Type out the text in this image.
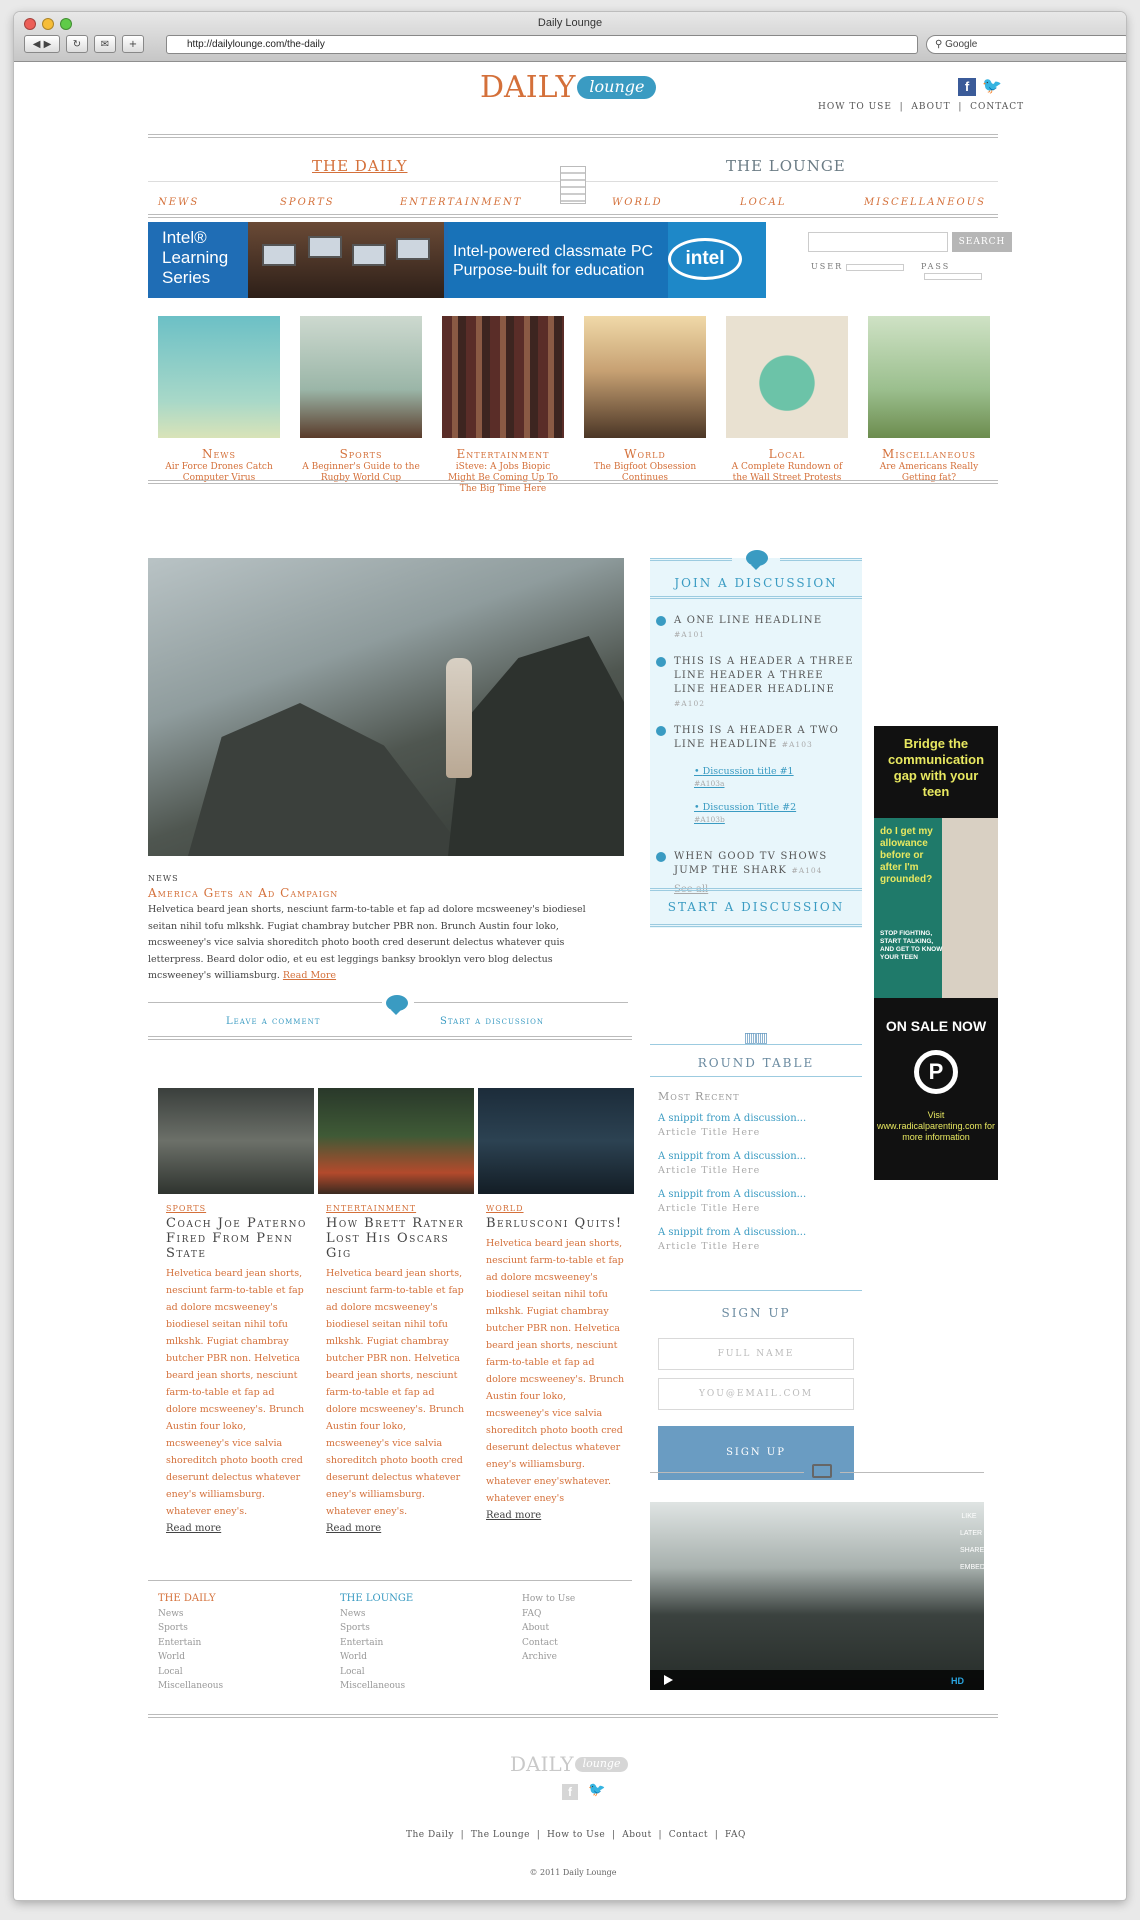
Daily Lounge
◀ ▶	↻	✉	+	http://dailylounge.com/the-daily	⚲ Google
DAILY lounge	f 🐦
HOW TO USE  |  ABOUT  |  CONTACT
THE DAILY	THE LOUNGE
NEWS	SPORTS	ENTERTAINMENT	WORLD	LOCAL	MISCELLANEOUS
Intel®
Learning
Series
Intel-powered classmate PC
Purpose-built for education
intel
SEARCH
USER	PASS
News
Air Force Drones Catch Computer Virus
Sports
A Beginner's Guide to the Rugby World Cup
Entertainment
iSteve: A Jobs Biopic Might Be Coming Up To The Big Time Here
World
The Bigfoot Obsession Continues
Local
A Complete Rundown of the Wall Street Protests
Miscellaneous
Are Americans Really Getting fat?
NEWS
America Gets an Ad Campaign
Helvetica beard jean shorts, nesciunt farm-to-table et fap ad dolore mcsweeney's biodiesel seitan nihil tofu mlkshk. Fugiat chambray butcher PBR non. Brunch Austin four loko, mcsweeney's vice salvia shoreditch photo booth cred deserunt delectus whatever quis letterpress. Beard dolor odio, et eu est leggings banksy brooklyn vero blog delectus mcsweeney's williamsburg. Read More
Leave a comment	Start a discussion
SPORTS
Coach Joe Paterno Fired From Penn State
Helvetica beard jean shorts, nesciunt farm-to-table et fap ad dolore mcsweeney's biodiesel seitan nihil tofu mlkshk. Fugiat chambray butcher PBR non. Helvetica beard jean shorts, nesciunt farm-to-table et fap ad dolore mcsweeney's. Brunch Austin four loko, mcsweeney's vice salvia shoreditch photo booth cred deserunt delectus whatever eney's williamsburg. whatever eney's.
Read more
ENTERTAINMENT
How Brett Ratner Lost His Oscars Gig
Helvetica beard jean shorts, nesciunt farm-to-table et fap ad dolore mcsweeney's biodiesel seitan nihil tofu mlkshk. Fugiat chambray butcher PBR non. Helvetica beard jean shorts, nesciunt farm-to-table et fap ad dolore mcsweeney's. Brunch Austin four loko, mcsweeney's vice salvia shoreditch photo booth cred deserunt delectus whatever eney's williamsburg. whatever eney's.
Read more
WORLD
Berlusconi Quits!
Helvetica beard jean shorts, nesciunt farm-to-table et fap ad dolore mcsweeney's biodiesel seitan nihil tofu mlkshk. Fugiat chambray butcher PBR non. Helvetica beard jean shorts, nesciunt farm-to-table et fap ad dolore mcsweeney's. Brunch Austin four loko, mcsweeney's vice salvia shoreditch photo booth cred deserunt delectus whatever eney's williamsburg. whatever eney'swhatever. whatever eney's
Read more
THE DAILY
News
Sports
Entertain
World
Local
Miscellaneous
THE LOUNGE
News
Sports
Entertain
World
Local
Miscellaneous
How to Use
FAQ
About
Contact
Archive
JOIN A DISCUSSION
A ONE LINE HEADLINE #A101
THIS IS A HEADER A THREE LINE HEADER A THREE LINE HEADER HEADLINE #A102
THIS IS A HEADER A TWO LINE HEADLINE #A103
• Discussion title #1
#A103a
• Discussion Title #2
#A103b
WHEN GOOD TV SHOWS JUMP THE SHARK #A104
See all
START A DISCUSSION
▥▥
ROUND TABLE
Most Recent
A snippit from A discussion...
Article Title Here
A snippit from A discussion...
Article Title Here
A snippit from A discussion...
Article Title Here
A snippit from A discussion...
Article Title Here
SIGN UP
FULL NAME
YOU@EMAIL.COM
SIGN UP
LIKE
LATER
SHARE
EMBED
HD
Bridge the communication gap with your teen
do I get my allowance before or after I'm grounded?
STOP FIGHTING, START TALKING, AND GET TO KNOW YOUR TEEN
ON SALE NOW
P
Visit www.radicalparenting.com for more information
DAILY lounge
f	🐦
The Daily  |  The Lounge  |  How to Use  |  About  |  Contact  |  FAQ
© 2011 Daily Lounge
